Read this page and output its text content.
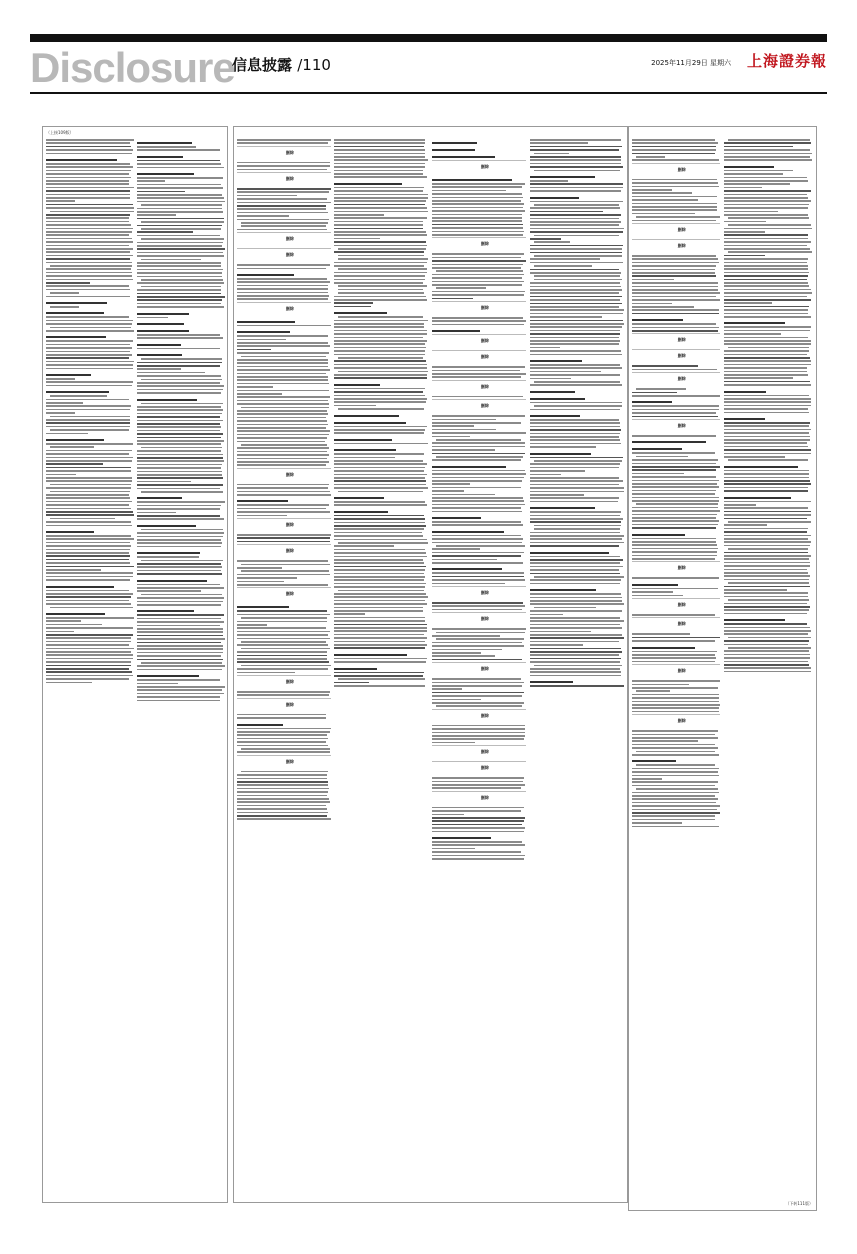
Disclosure
信息披露 /110	2025年11月29日 星期六 上海證券報
（上接109版）
删除
删除
删除
删除
删除
删除
删除
删除
删除
删除
删除
删除
删除
删除
删除
删除
删除
删除
删除
删除
删除
删除
删除
删除
删除
删除
删除
删除
删除
删除
删除
删除
删除
删除
删除
删除
删除
删除
（下转111版）
